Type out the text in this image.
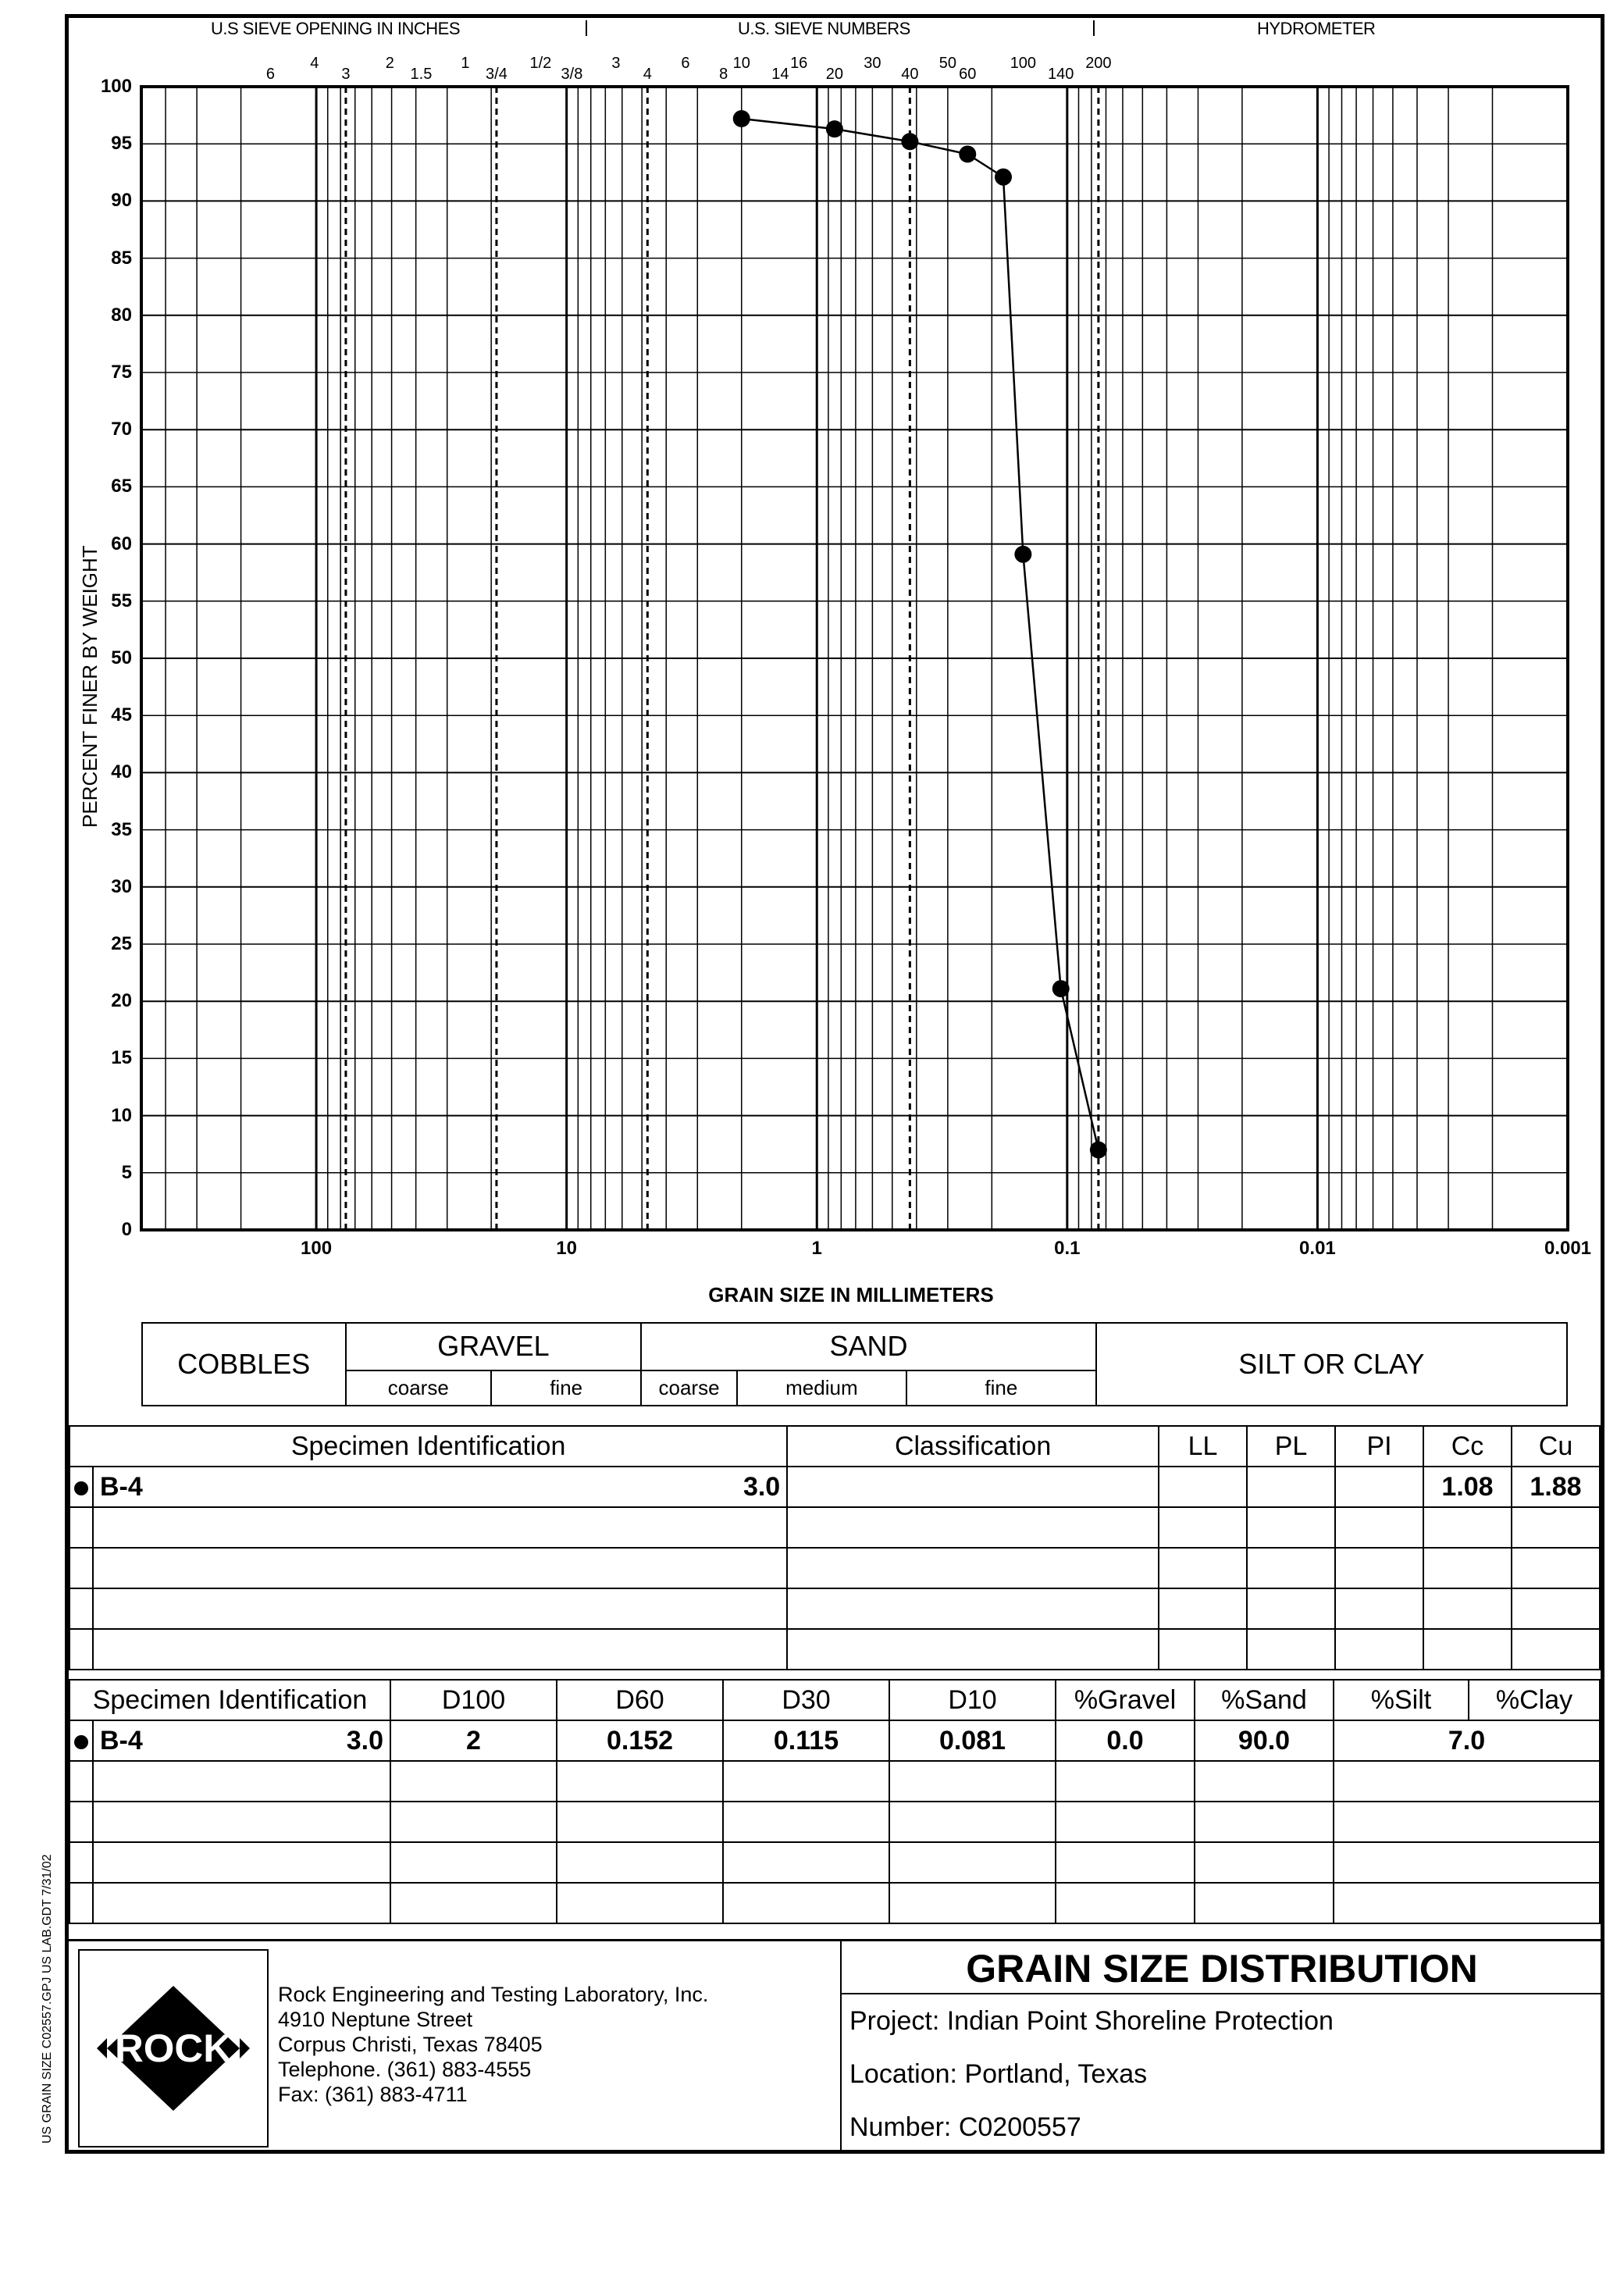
U.S SIEVE OPENING IN INCHES	U.S. SIEVE NUMBERS	HYDROMETER
6
4
3
2
1.5
1
3/4
1/2
3/8
3
4
6
8
10
14
16
20
30
40
50
60
100
140
200
PERCENT FINER BY WEIGHT
100
95
90
85
80
75
70
65
60
55
50
45
40
35
30
25
20
15
10
5
0
100	10	1	0.1	0.01	0.001
GRAIN SIZE IN MILLIMETERS
COBBLES	GRAVEL		SAND			SILT OR CLAY
	coarse	fine	coarse	medium	fine	
Specimen Identification		Classification	LL	PL	PI	Cc	Cu
	B-4 3.0					1.08	1.88

Specimen Identification		D100	D60	D30	D10	%Gravel	%Sand	%Silt	%Clay
	B-4 3.0	2	0.152	0.115	0.081	0.0	90.0	7.0	

ROCK
Rock Engineering and Testing Laboratory, Inc.
4910 Neptune Street
Corpus Christi, Texas 78405
Telephone. (361) 883-4555
Fax: (361) 883-4711
GRAIN SIZE DISTRIBUTION
Project: Indian Point Shoreline Protection
Location: Portland, Texas
Number: C0200557
US GRAIN SIZE C02557.GPJ US LAB.GDT 7/31/02
